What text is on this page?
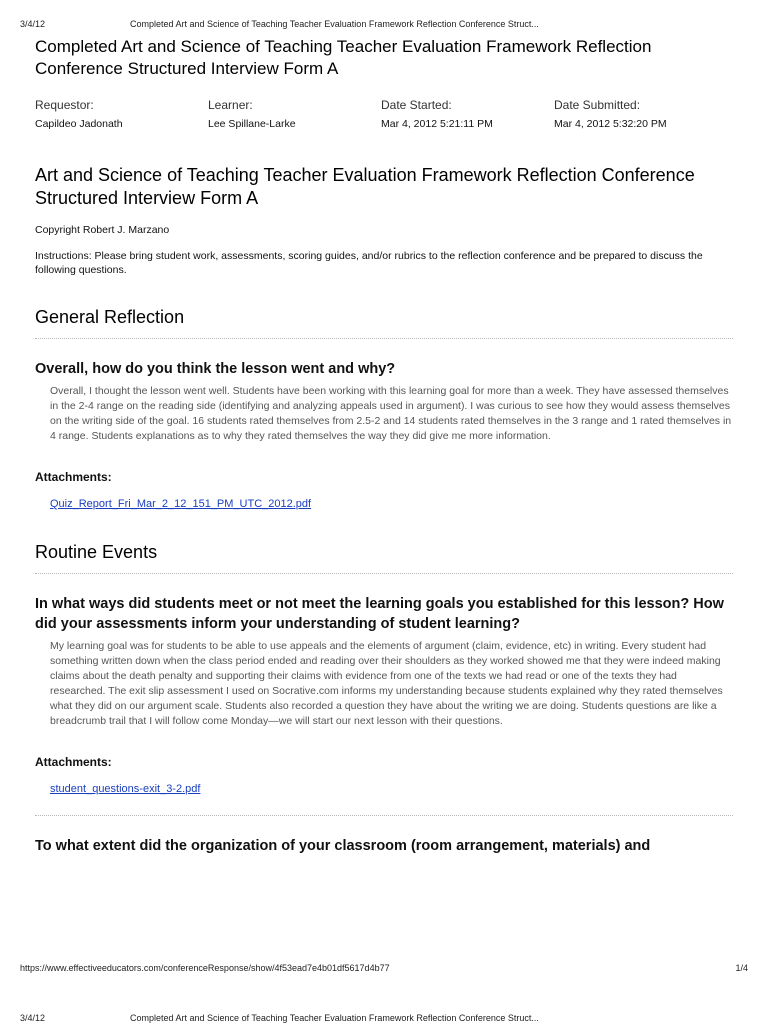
3/4/12	Completed Art and Science of Teaching Teacher Evaluation Framework Reflection Conference Struct...
Completed Art and Science of Teaching Teacher Evaluation Framework Reflection Conference Structured Interview Form A
Requestor:
Capildeo Jadonath
Learner:
Lee Spillane-Larke
Date Started:
Mar 4, 2012 5:21:11 PM
Date Submitted:
Mar 4, 2012 5:32:20 PM
Art and Science of Teaching Teacher Evaluation Framework Reflection Conference Structured Interview Form A
Copyright Robert J. Marzano
Instructions: Please bring student work, assessments, scoring guides, and/or rubrics to the reflection conference and be prepared to discuss the following questions.
General Reflection
Overall, how do you think the lesson went and why?
Overall, I thought the lesson went well. Students have been working with this learning goal for more than a week. They have assessed themselves in the 2-4 range on the reading side (identifying and analyzing appeals used in argument). I was curious to see how they would assess themselves on the writing side of the goal. 16 students rated themselves from 2.5-2 and 14 students rated themselves in the 3 range and 1 rated themselves in 4 range. Students explanations as to why they rated themselves the way they did give me more information.
Attachments:
Quiz_Report_Fri_Mar_2_12_151_PM_UTC_2012.pdf
Routine Events
In what ways did students meet or not meet the learning goals you established for this lesson? How did your assessments inform your understanding of student learning?
My learning goal was for students to be able to use appeals and the elements of argument (claim, evidence, etc) in writing. Every student had something written down when the class period ended and reading over their shoulders as they worked showed me that they were indeed making claims about the death penalty and supporting their claims with evidence from one of the texts we had read or one of the texts they had researched. The exit slip assessment I used on Socrative.com informs my understanding because students explained why they rated themselves what they did on our argument scale. Students also recorded a question they have about the writing we are doing. Students questions are like a breadcrumb trail that I will follow come Monday—we will start our next lesson with their questions.
Attachments:
student_questions-exit_3-2.pdf
To what extent did the organization of your classroom (room arrangement, materials) and
https://www.effectiveeducators.com/conferenceResponse/show/4f53ead7e4b01df5617d4b77	1/4
3/4/12	Completed Art and Science of Teaching Teacher Evaluation Framework Reflection Conference Struct...
